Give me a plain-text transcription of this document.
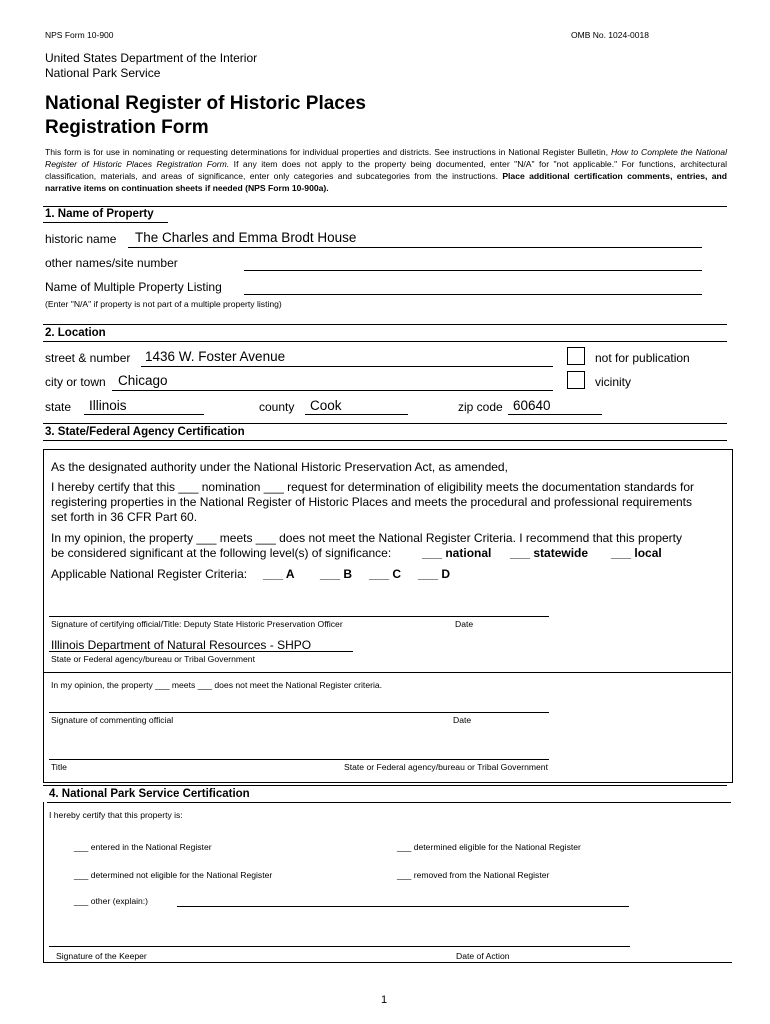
NPS Form 10-900	OMB No. 1024-0018
United States Department of the Interior
National Park Service
National Register of Historic Places
Registration Form
This form is for use in nominating or requesting determinations for individual properties and districts. See instructions in National Register Bulletin, How to Complete the National Register of Historic Places Registration Form. If any item does not apply to the property being documented, enter "N/A" for "not applicable." For functions, architectural classification, materials, and areas of significance, enter only categories and subcategories from the instructions. Place additional certification comments, entries, and narrative items on continuation sheets if needed (NPS Form 10-900a).
1. Name of Property
historic name The Charles and Emma Brodt House
other names/site number
Name of Multiple Property Listing
(Enter "N/A" if property is not part of a multiple property listing)
2. Location
street & number 1436 W. Foster Avenue	not for publication
city or town Chicago	vicinity
state Illinois	county Cook	zip code 60640
3. State/Federal Agency Certification
As the designated authority under the National Historic Preservation Act, as amended,
I hereby certify that this ___ nomination ___ request for determination of eligibility meets the documentation standards for
registering properties in the National Register of Historic Places and meets the procedural and professional requirements
set forth in 36 CFR Part 60.
In my opinion, the property ___ meets ___ does not meet the National Register Criteria. I recommend that this property
be considered significant at the following level(s) of significance:	___ national ___ statewide ___ local
Applicable National Register Criteria: ___ A ___ B ___ C ___ D
Signature of certifying official/Title: Deputy State Historic Preservation Officer	Date
Illinois Department of Natural Resources - SHPO
State or Federal agency/bureau or Tribal Government
In my opinion, the property ___ meets ___ does not meet the National Register criteria.
Signature of commenting official	Date
Title	State or Federal agency/bureau or Tribal Government
4. National Park Service Certification
I hereby certify that this property is:
___ entered in the National Register	___ determined eligible for the National Register
___ determined not eligible for the National Register	___ removed from the National Register
___ other (explain:)
Signature of the Keeper	Date of Action
1
